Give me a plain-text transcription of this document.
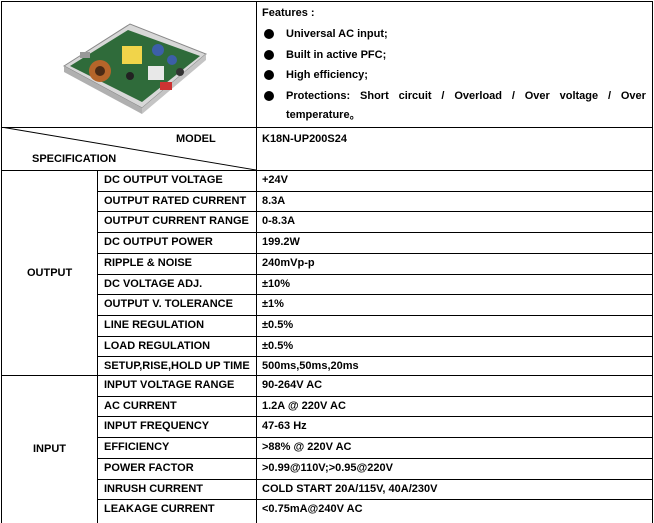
Features :
Universal AC input;
Built in active PFC;
High efficiency;
Protections: Short circuit / Overload / Over voltage / Over
temperature。
MODEL
SPECIFICATION
K18N-UP200S24
OUTPUT
INPUT
DC OUTPUT VOLTAGE	+24V
OUTPUT RATED CURRENT 8.3A
OUTPUT CURRENT RANGE 0-8.3A
DC OUTPUT POWER	199.2W
RIPPLE & NOISE	240mVp-p
DC VOLTAGE ADJ.	±10%
OUTPUT V. TOLERANCE	±1%
LINE REGULATION	±0.5%
LOAD REGULATION	±0.5%
SETUP,RISE,HOLD UP TIME 500ms,50ms,20ms
INPUT VOLTAGE RANGE	90-264V AC
AC CURRENT	1.2A @ 220V AC
INPUT FREQUENCY	47-63 Hz
EFFICIENCY	>88% @ 220V AC
POWER FACTOR	>0.99@110V;>0.95@220V
INRUSH CURRENT	COLD START 20A/115V, 40A/230V
LEAKAGE CURRENT	<0.75mA@240V AC
